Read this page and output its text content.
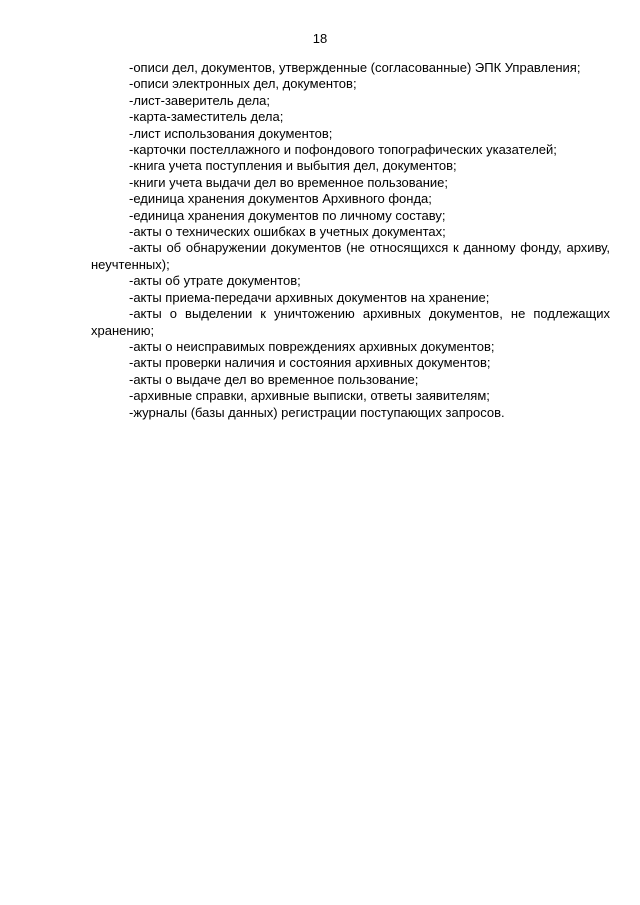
18

-описи дел, документов, утвержденные (согласованные) ЭПК Управления;

-описи электронных дел, документов;

-лист-заверитель дела;

-карта-заместитель дела;

-лист использования документов;

-карточки постеллажного и пофондового топографических указателей;

-книга учета поступления и выбытия дел, документов;

-книги учета выдачи дел во временное пользование;

-единица хранения документов Архивного фонда;

-единица хранения документов по личному составу;

-акты о технических ошибках в учетных документах;

-акты об обнаружении документов (не относящихся к данному фонду, архиву, неучтенных);

-акты об утрате документов;

-акты приема-передачи архивных документов на хранение;

-акты о выделении к уничтожению архивных документов, не подлежащих хранению;

-акты о неисправимых повреждениях архивных документов;

-акты проверки наличия и состояния архивных документов;

-акты о выдаче дел во временное пользование;

-архивные справки, архивные выписки, ответы заявителям;

-журналы (базы данных) регистрации поступающих запросов.
